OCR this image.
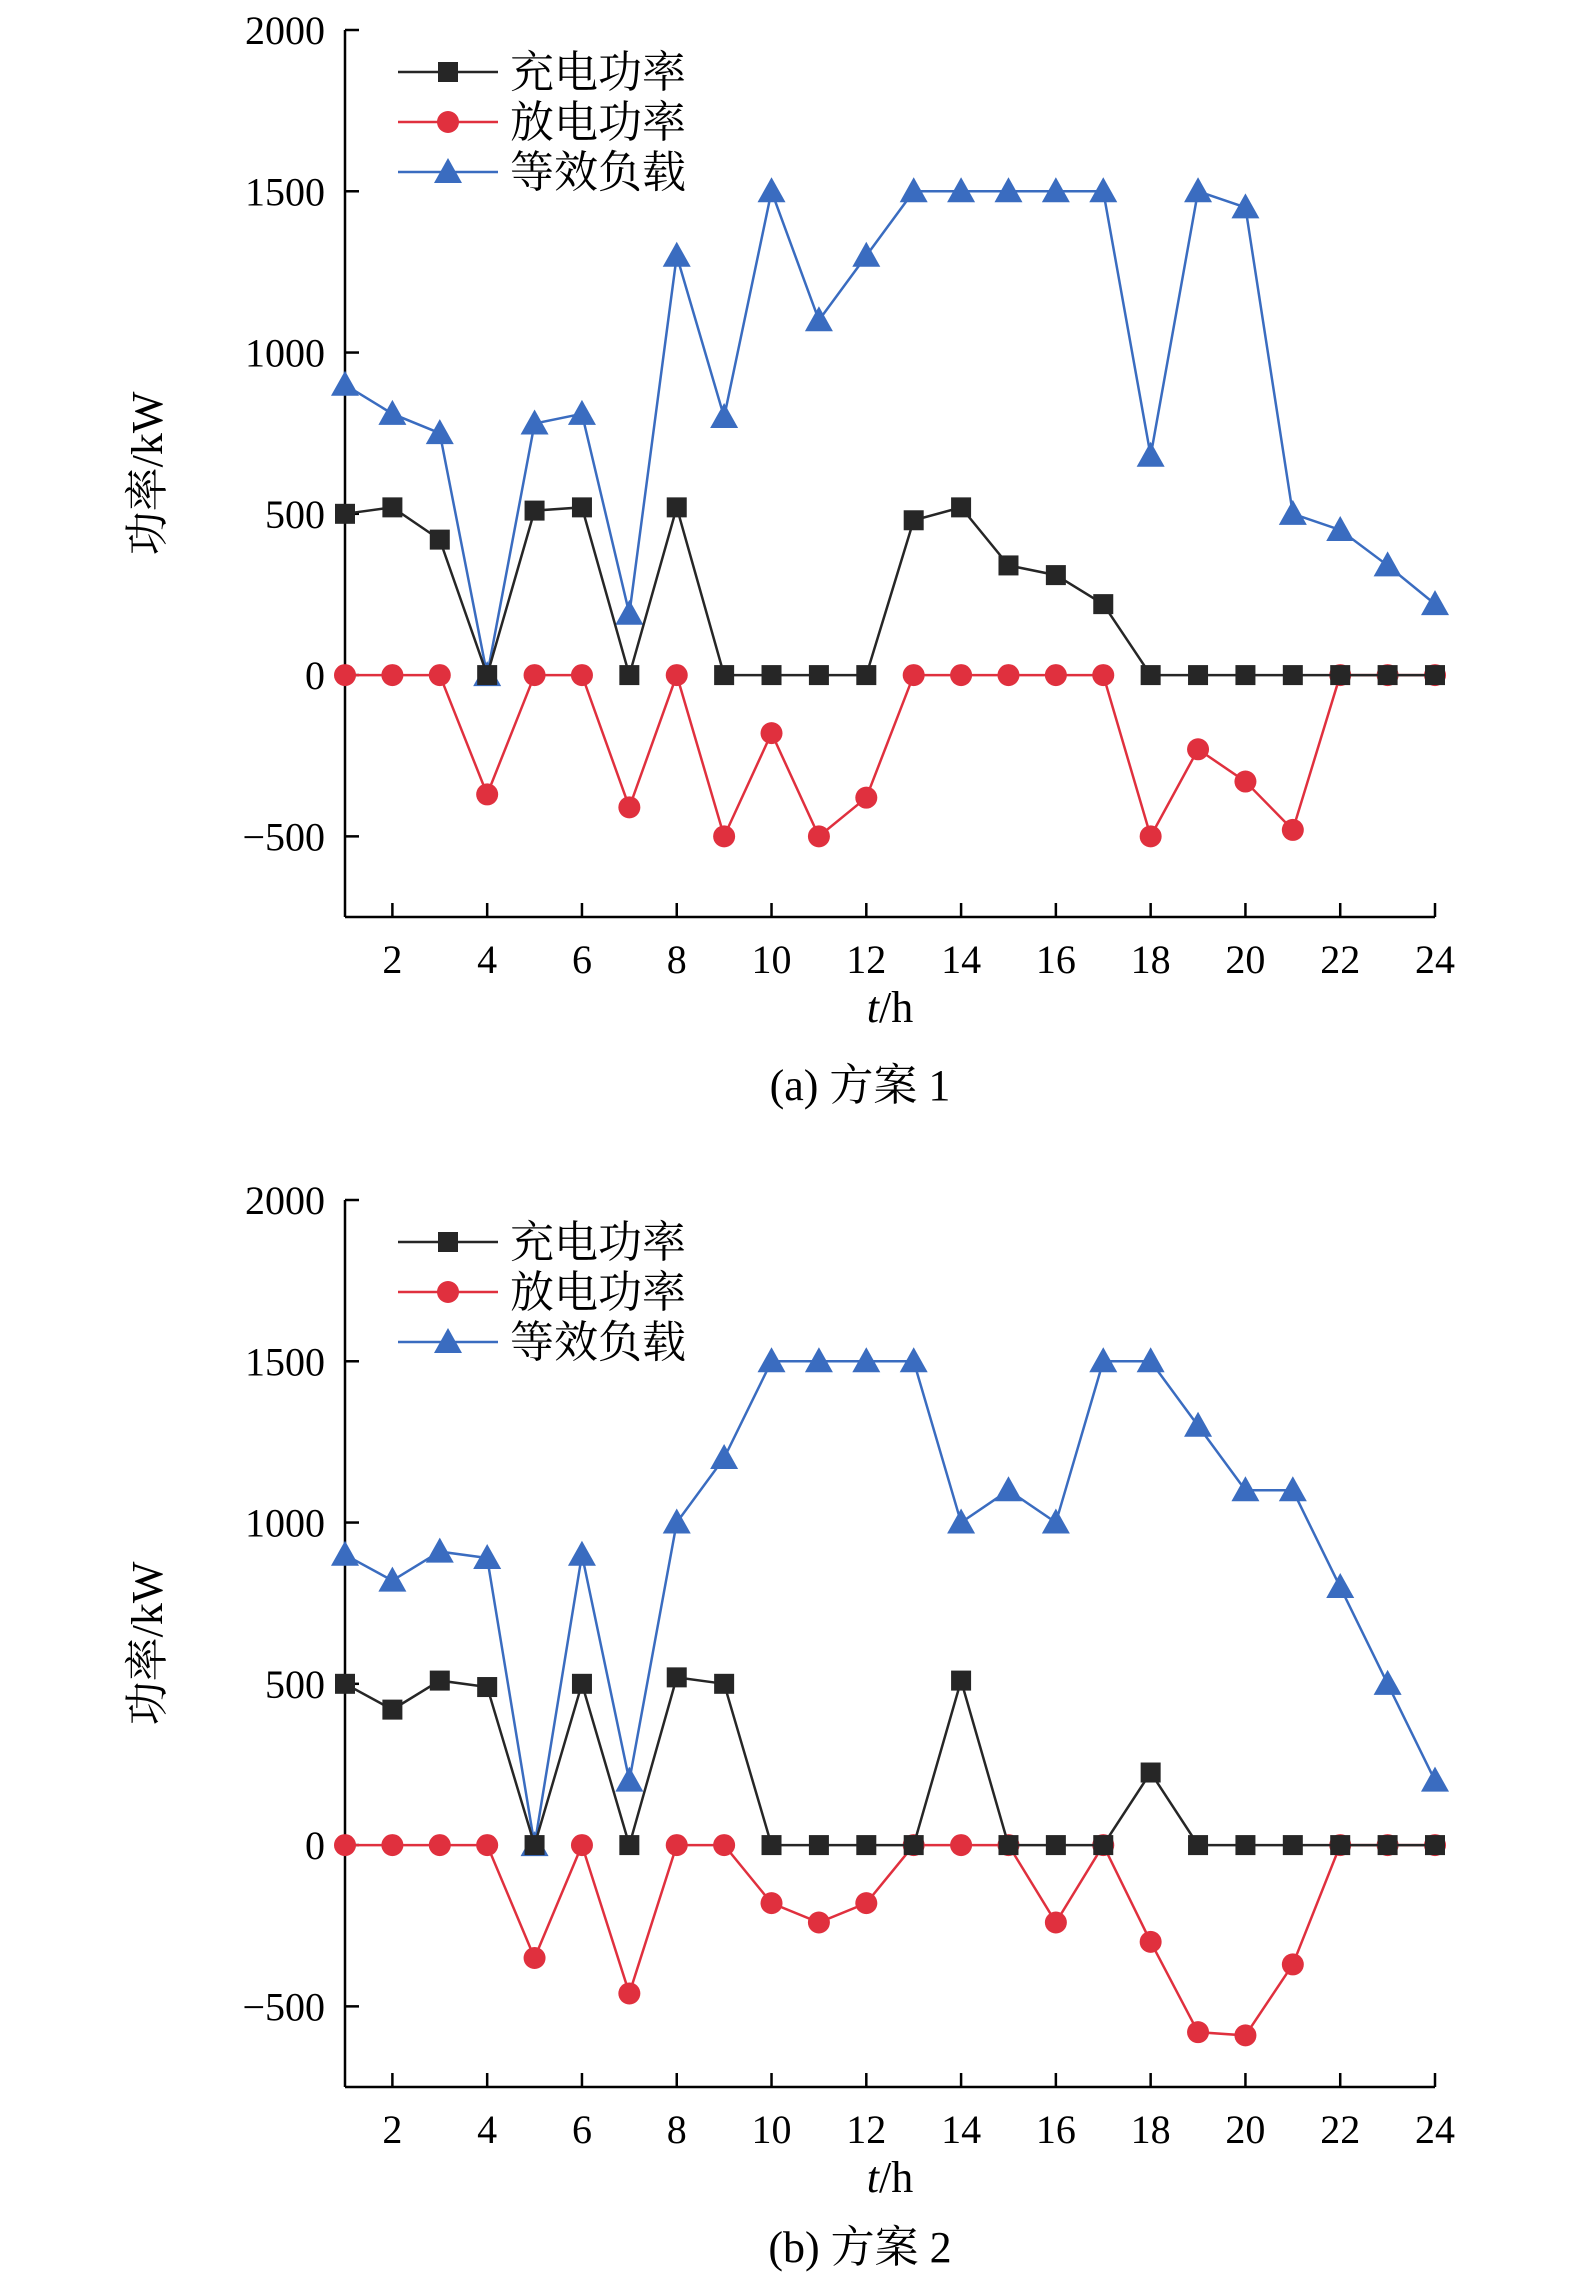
−500
0
500
1000
1500
2000
2 4 6 8 10 12 14 16 18 20 22 24
功率/kW
t/h
(a) 方案 1
充电功率
放电功率
等效负载
−500
0
500
1000
1500
2000
2 4 6 8 10 12 14 16 18 20 22 24
功率/kW
t/h
(b) 方案 2
充电功率
放电功率
等效负载
